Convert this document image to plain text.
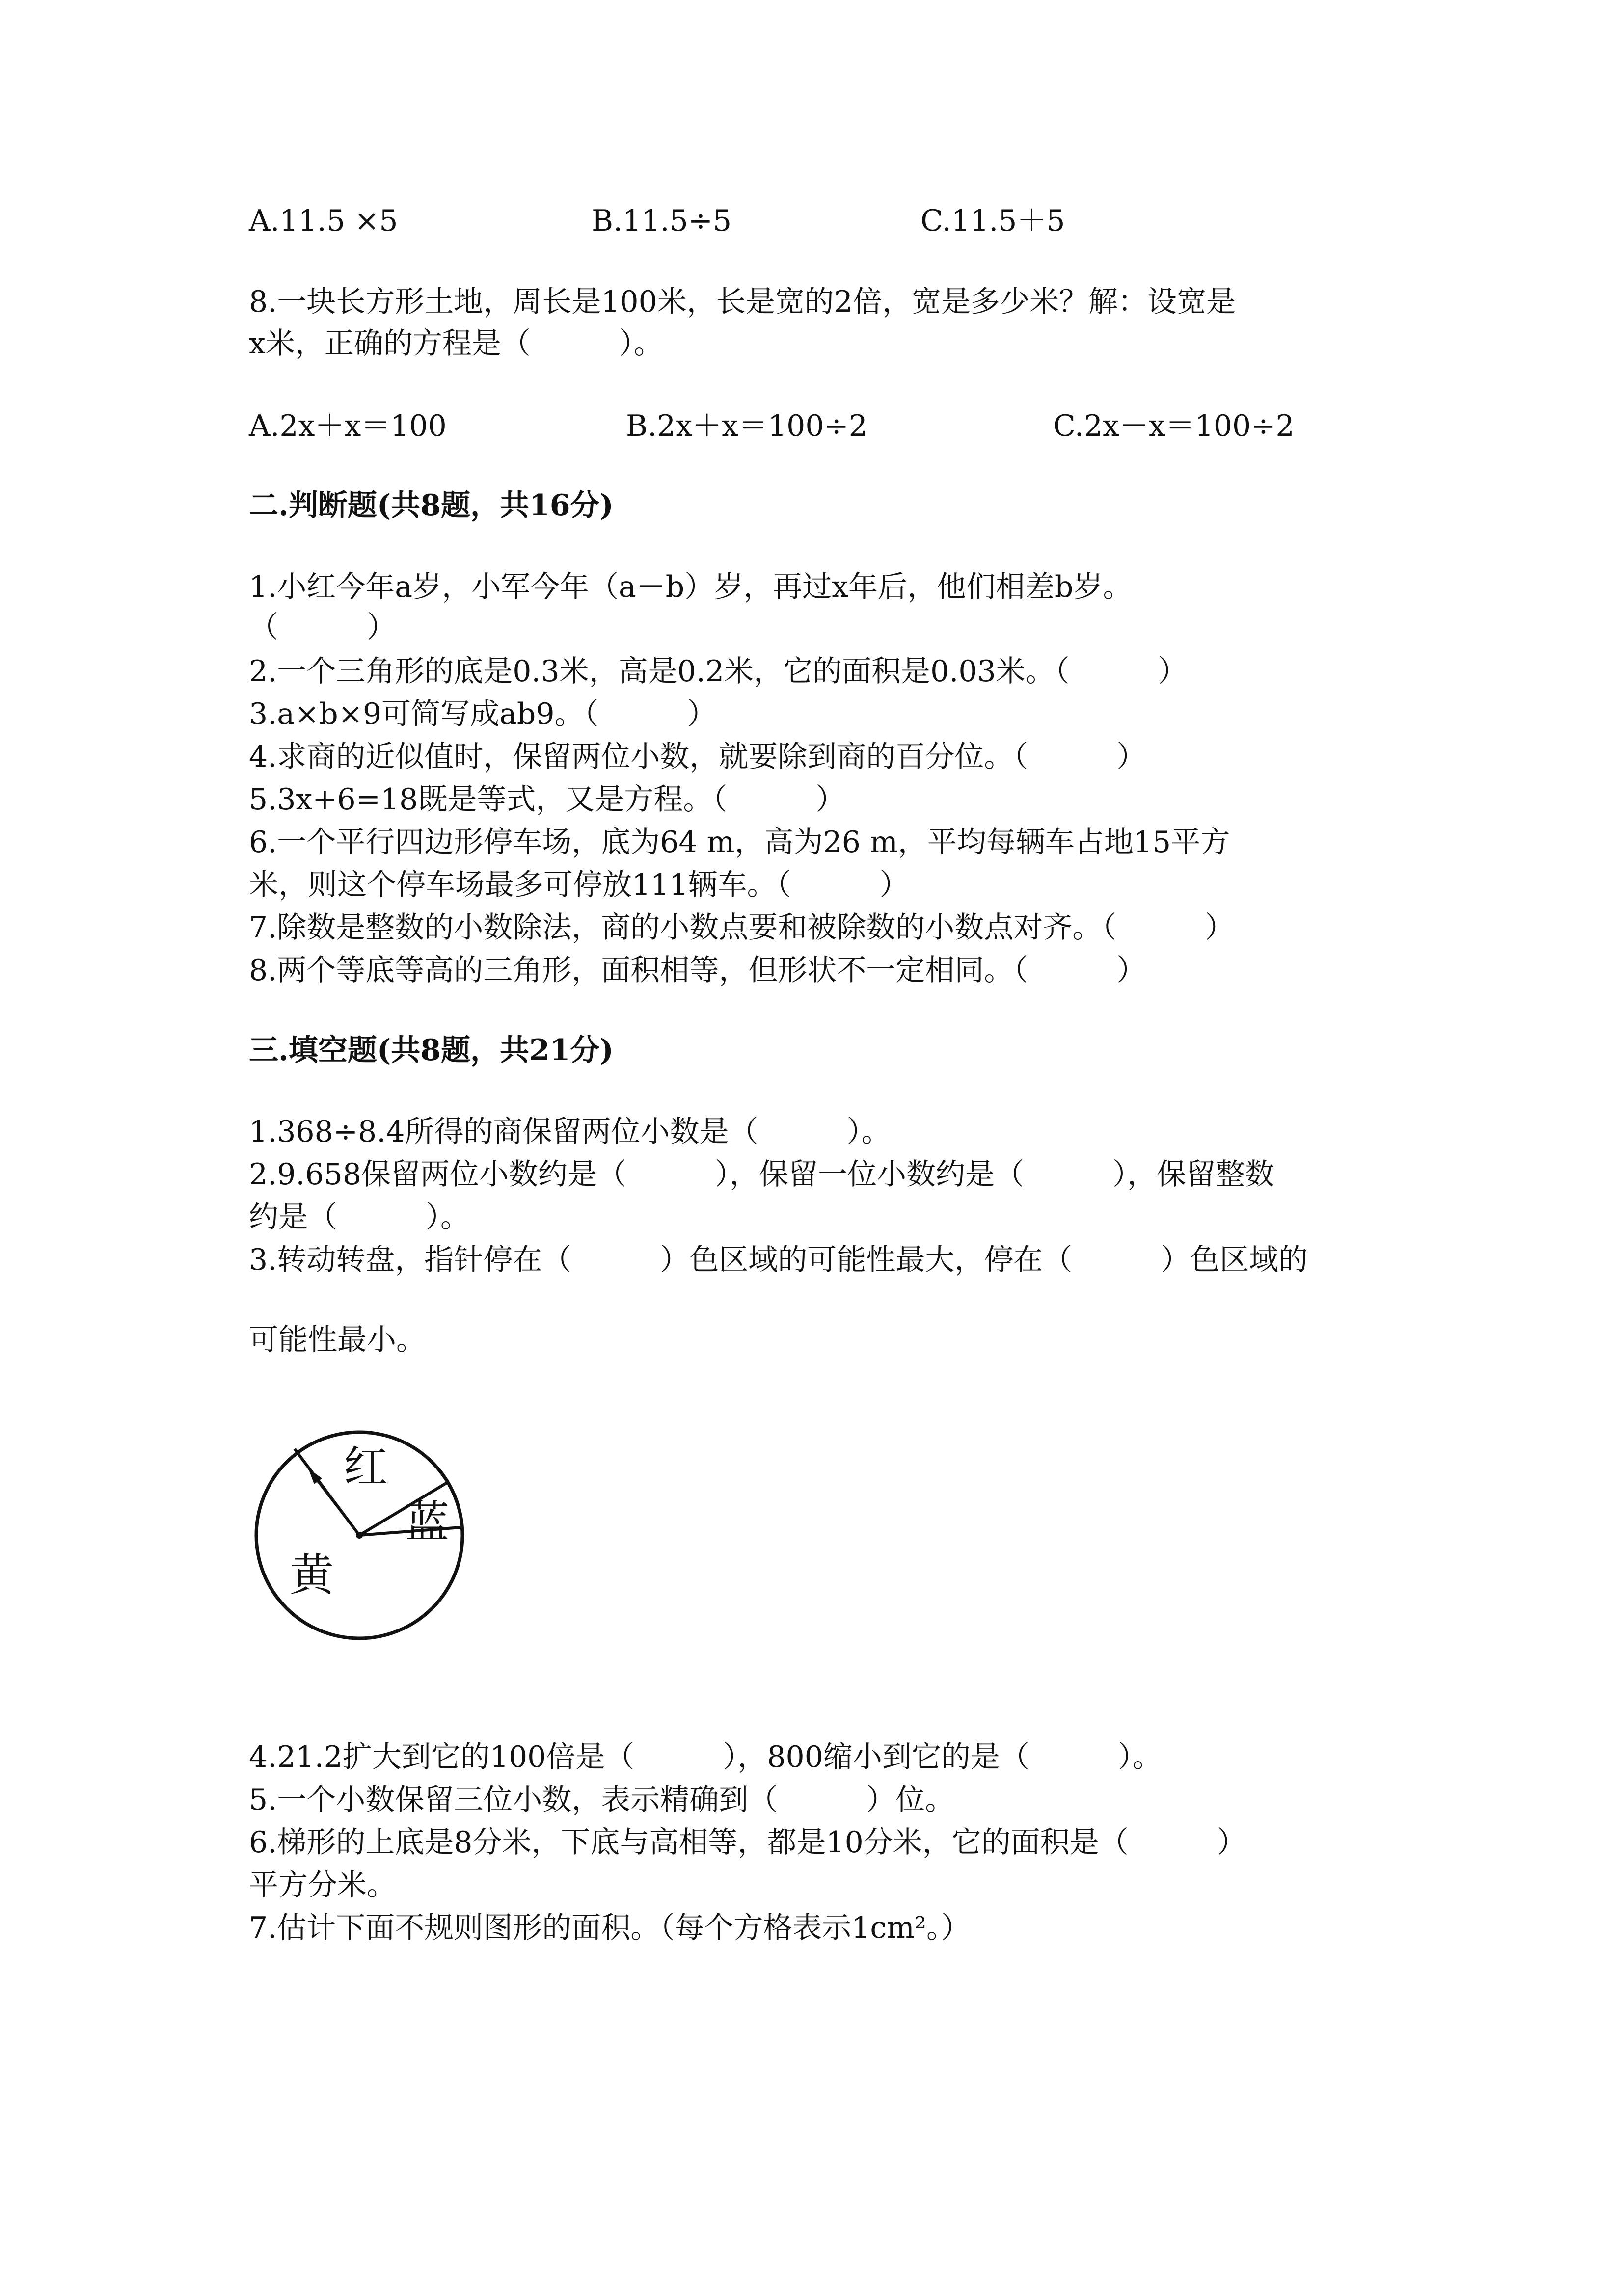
A.11.5 ×5	B.11.5÷5	C.11.5＋5
8.一块长方形土地，周长是100米，长是宽的2倍，宽是多少米？解：设宽是
x米，正确的方程是（　　　）。
A.2x＋x＝100	B.2x＋x＝100÷2	C.2x－x＝100÷2
二.判断题(共8题，共16分)
1.小红今年a岁，小军今年（a－b）岁，再过x年后，他们相差b岁。
（　　　）
2.一个三角形的底是0.3米，高是0.2米，它的面积是0.03米。（　　　）
3.a×b×9可简写成ab9。（　　　）
4.求商的近似值时，保留两位小数，就要除到商的百分位。（　　　）
5.3x+6=18既是等式，又是方程。（　　　）
6.一个平行四边形停车场，底为64 m，高为26 m，平均每辆车占地15平方
米，则这个停车场最多可停放111辆车。（　　　）
7.除数是整数的小数除法，商的小数点要和被除数的小数点对齐。（　　　）
8.两个等底等高的三角形，面积相等，但形状不一定相同。（　　　）
三.填空题(共8题，共21分)
1.368÷8.4所得的商保留两位小数是（　　　）。
2.9.658保留两位小数约是（　　　），保留一位小数约是（　　　），保留整数
约是（　　　）。
3.转动转盘，指针停在（　　　）色区域的可能性最大，停在（　　　）色区域的
可能性最小。
红
蓝
黄
4.21.2扩大到它的100倍是（　　　），800缩小到它的是（　　　）。
5.一个小数保留三位小数，表示精确到（　　　）位。
6.梯形的上底是8分米，下底与高相等，都是10分米，它的面积是（　　　）
平方分米。
7.估计下面不规则图形的面积。（每个方格表示1cm²。）
